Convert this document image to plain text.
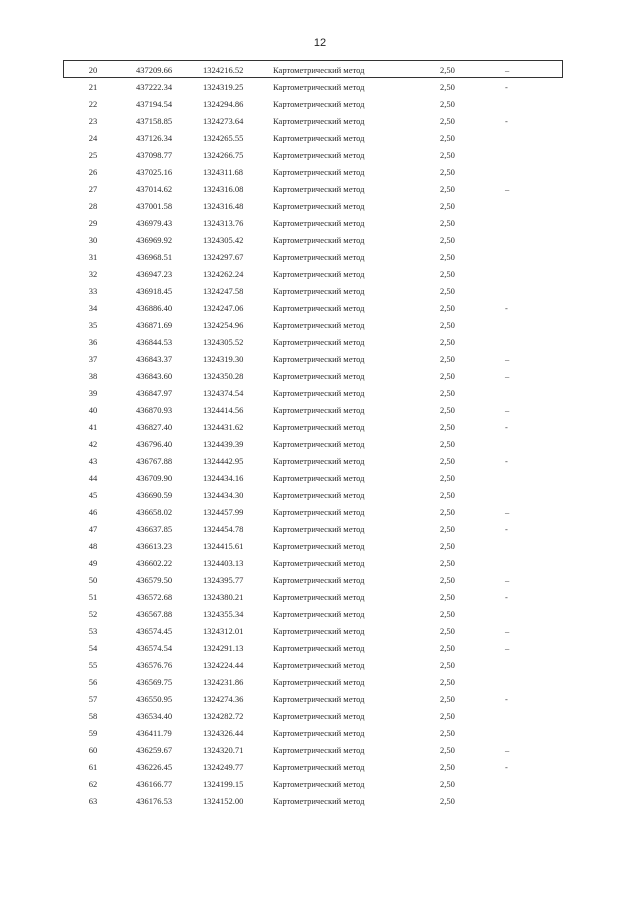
12
20	437209.66	1324216.52	Картометрический метод	2,50	–
21	437222.34	1324319.25	Картометрический метод	2,50	-
22	437194.54	1324294.86	Картометрический метод	2,50
23	437158.85	1324273.64	Картометрический метод	2,50	-
24	437126.34	1324265.55	Картометрический метод	2,50
25	437098.77	1324266.75	Картометрический метод	2,50
26	437025.16	1324311.68	Картометрический метод	2,50
27	437014.62	1324316.08	Картометрический метод	2,50	–
28	437001.58	1324316.48	Картометрический метод	2,50
29	436979.43	1324313.76	Картометрический метод	2,50
30	436969.92	1324305.42	Картометрический метод	2,50
31	436968.51	1324297.67	Картометрический метод	2,50
32	436947.23	1324262.24	Картометрический метод	2,50
33	436918.45	1324247.58	Картометрический метод	2,50
34	436886.40	1324247.06	Картометрический метод	2,50	-
35	436871.69	1324254.96	Картометрический метод	2,50
36	436844.53	1324305.52	Картометрический метод	2,50
37	436843.37	1324319.30	Картометрический метод	2,50	–
38	436843.60	1324350.28	Картометрический метод	2,50	–
39	436847.97	1324374.54	Картометрический метод	2,50
40	436870.93	1324414.56	Картометрический метод	2,50	–
41	436827.40	1324431.62	Картометрический метод	2,50	-
42	436796.40	1324439.39	Картометрический метод	2,50
43	436767.88	1324442.95	Картометрический метод	2,50	-
44	436709.90	1324434.16	Картометрический метод	2,50
45	436690.59	1324434.30	Картометрический метод	2,50
46	436658.02	1324457.99	Картометрический метод	2,50	–
47	436637.85	1324454.78	Картометрический метод	2,50	-
48	436613.23	1324415.61	Картометрический метод	2,50
49	436602.22	1324403.13	Картометрический метод	2,50
50	436579.50	1324395.77	Картометрический метод	2,50	–
51	436572.68	1324380.21	Картометрический метод	2,50	-
52	436567.88	1324355.34	Картометрический метод	2,50
53	436574.45	1324312.01	Картометрический метод	2,50	–
54	436574.54	1324291.13	Картометрический метод	2,50	–
55	436576.76	1324224.44	Картометрический метод	2,50
56	436569.75	1324231.86	Картометрический метод	2,50
57	436550.95	1324274.36	Картометрический метод	2,50	-
58	436534.40	1324282.72	Картометрический метод	2,50
59	436411.79	1324326.44	Картометрический метод	2,50
60	436259.67	1324320.71	Картометрический метод	2,50	–
61	436226.45	1324249.77	Картометрический метод	2,50	-
62	436166.77	1324199.15	Картометрический метод	2,50
63	436176.53	1324152.00	Картометрический метод	2,50
